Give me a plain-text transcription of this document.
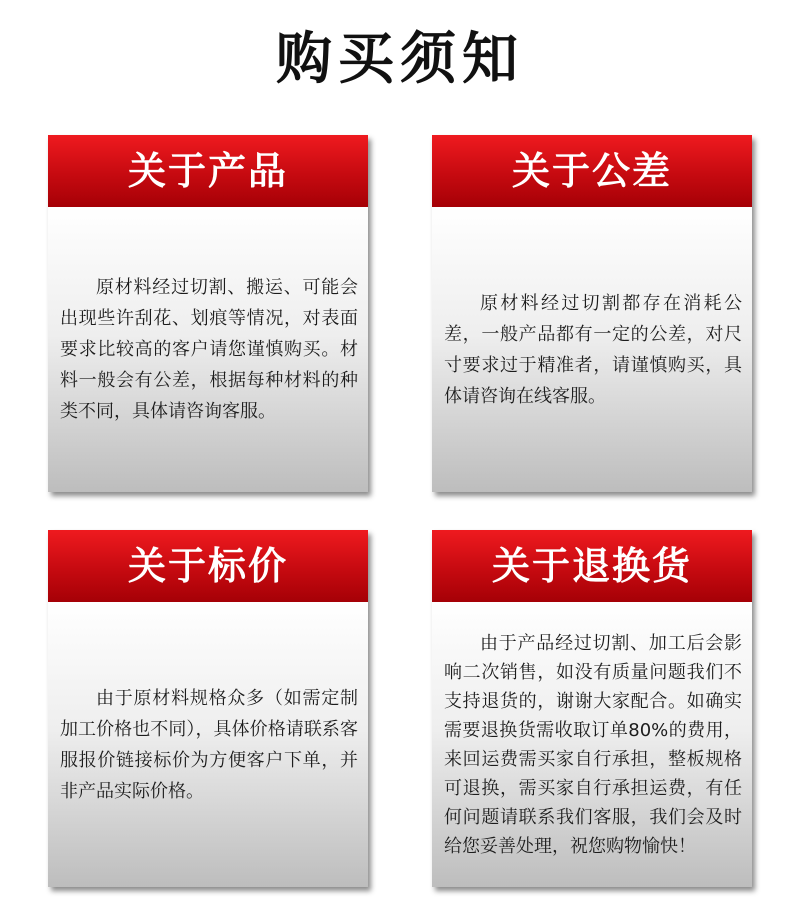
购买须知
关于产品

原材料经过切割、搬运、可能会出现些许刮花、划痕等情况，对表面要求比较高的客户请您谨慎购买。材料一般会有公差，根据每种材料的种类不同，具体请咨询客服。

关于公差

原材料经过切割都存在消耗公差，一般产品都有一定的公差，对尺寸要求过于精准者，请谨慎购买，具体请咨询在线客服。

关于标价

由于原材料规格众多（如需定制加工价格也不同），具体价格请联系客服报价链接标价为方便客户下单，并非产品实际价格。

关于退换货

由于产品经过切割、加工后会影响二次销售，如没有质量问题我们不支持退货的，谢谢大家配合。如确实需要退换货需收取订单80%的费用，来回运费需买家自行承担，整板规格可退换，需买家自行承担运费，有任何问题请联系我们客服，我们会及时给您妥善处理，祝您购物愉快！
